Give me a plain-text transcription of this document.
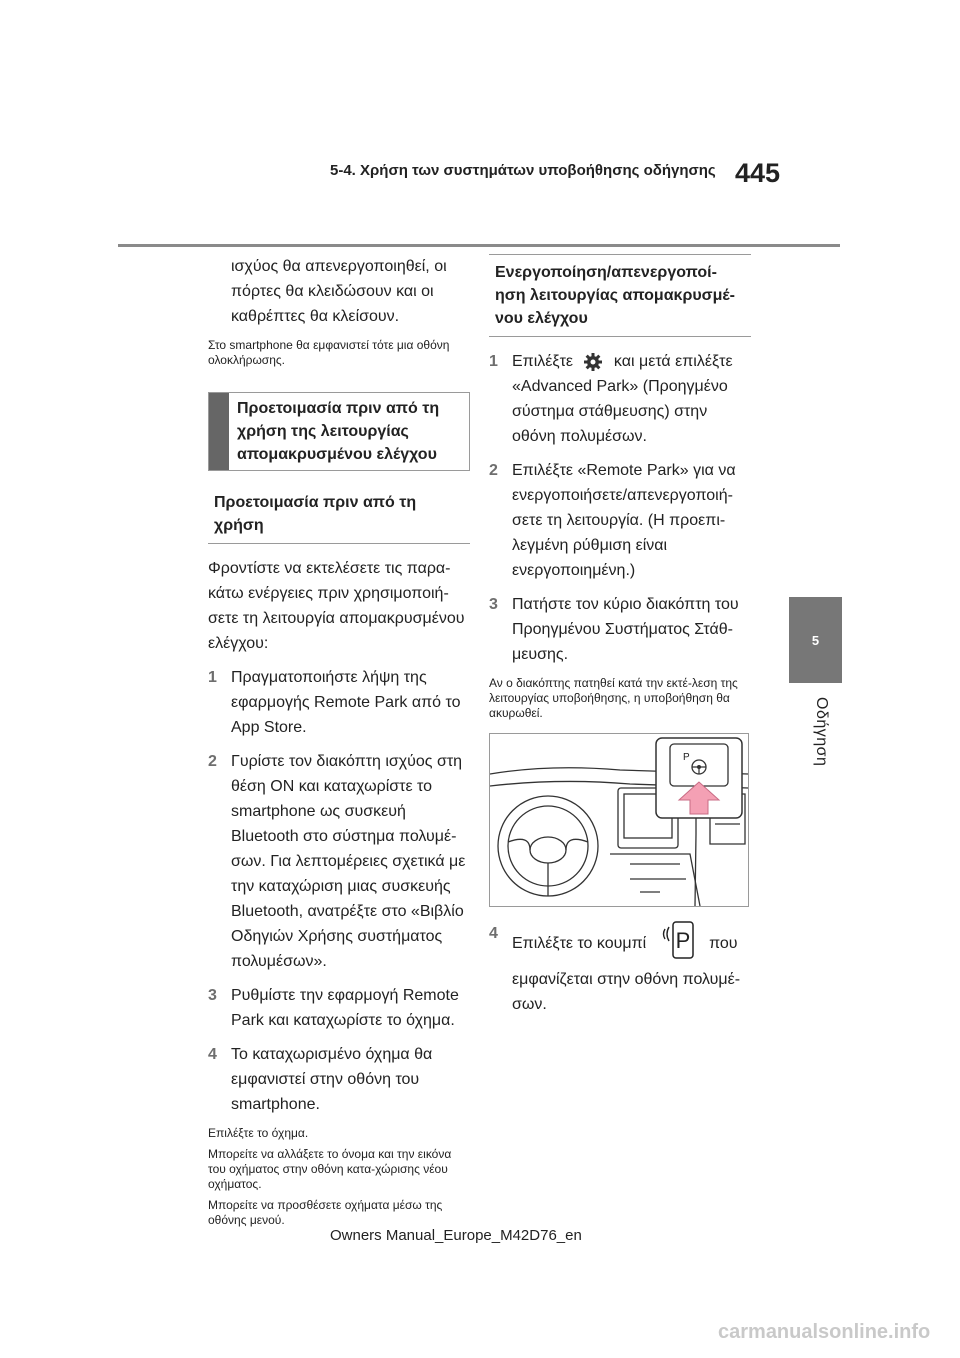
5-4. Χρήση των συστημάτων υποβοήθησης οδήγησης 445
5
Οδήγηση

ισχύος θα απενεργοποιηθεί, οι πόρτες θα κλειδώσουν και οι καθρέπτες θα κλείσουν.

Στο smartphone θα εμφανιστεί τότε μια οθόνη ολοκλήρωσης.

Προετοιμασία πριν από τη χρήση της λειτουργίας απομακρυσμένου ελέγχου
Προετοιμασία πριν από τη χρήση

Φροντίστε να εκτελέσετε τις παρα-κάτω ενέργειες πριν χρησιμοποιή-σετε τη λειτουργία απομακρυσμένου ελέγχου:

1 Πραγματοποιήστε λήψη της εφαρμογής Remote Park από το App Store.
2 Γυρίστε τον διακόπτη ισχύος στη θέση ON και καταχωρίστε το smartphone ως συσκευή Bluetooth στο σύστημα πολυμέ-σων. Για λεπτομέρειες σχετικά με την καταχώριση μιας συσκευής Bluetooth, ανατρέξτε στο «Βιβλίο Οδηγιών Χρήσης συστήματος πολυμέσων».
3 Ρυθμίστε την εφαρμογή Remote Park και καταχωρίστε το όχημα.
4 Το καταχωρισμένο όχημα θα εμφανιστεί στην οθόνη του smartphone.

Επιλέξτε το όχημα.

Μπορείτε να αλλάξετε το όνομα και την εικόνα του οχήματος στην οθόνη κατα-χώρισης νέου οχήματος.

Μπορείτε να προσθέσετε οχήματα μέσω της οθόνης μενού.

Ενεργοποίηση/απενεργοποί-ηση λειτουργίας απομακρυσμέ-νου ελέγχου
1 Επιλέξτε	και μετά επιλέξτε «Advanced Park» (Προηγμένο σύστημα στάθμευσης) στην οθόνη πολυμέσων.
2 Επιλέξτε «Remote Park» για να ενεργοποιήσετε/απενεργοποιή-σετε τη λειτουργία. (Η προεπι-λεγμένη ρύθμιση είναι ενεργοποιημένη.)
3 Πατήστε τον κύριο διακόπτη του Προηγμένου Συστήματος Στάθ-μευσης.

Αν ο διακόπτης πατηθεί κατά την εκτέ-λεση της λειτουργίας υποβοήθησης, η υποβοήθηση θα ακυρωθεί.

P
4
Επιλέξτε το κουμπί P που εμφανίζεται στην οθόνη πολυμέ-σων.
Owners Manual_Europe_M42D76_en
carmanualsonline.info
